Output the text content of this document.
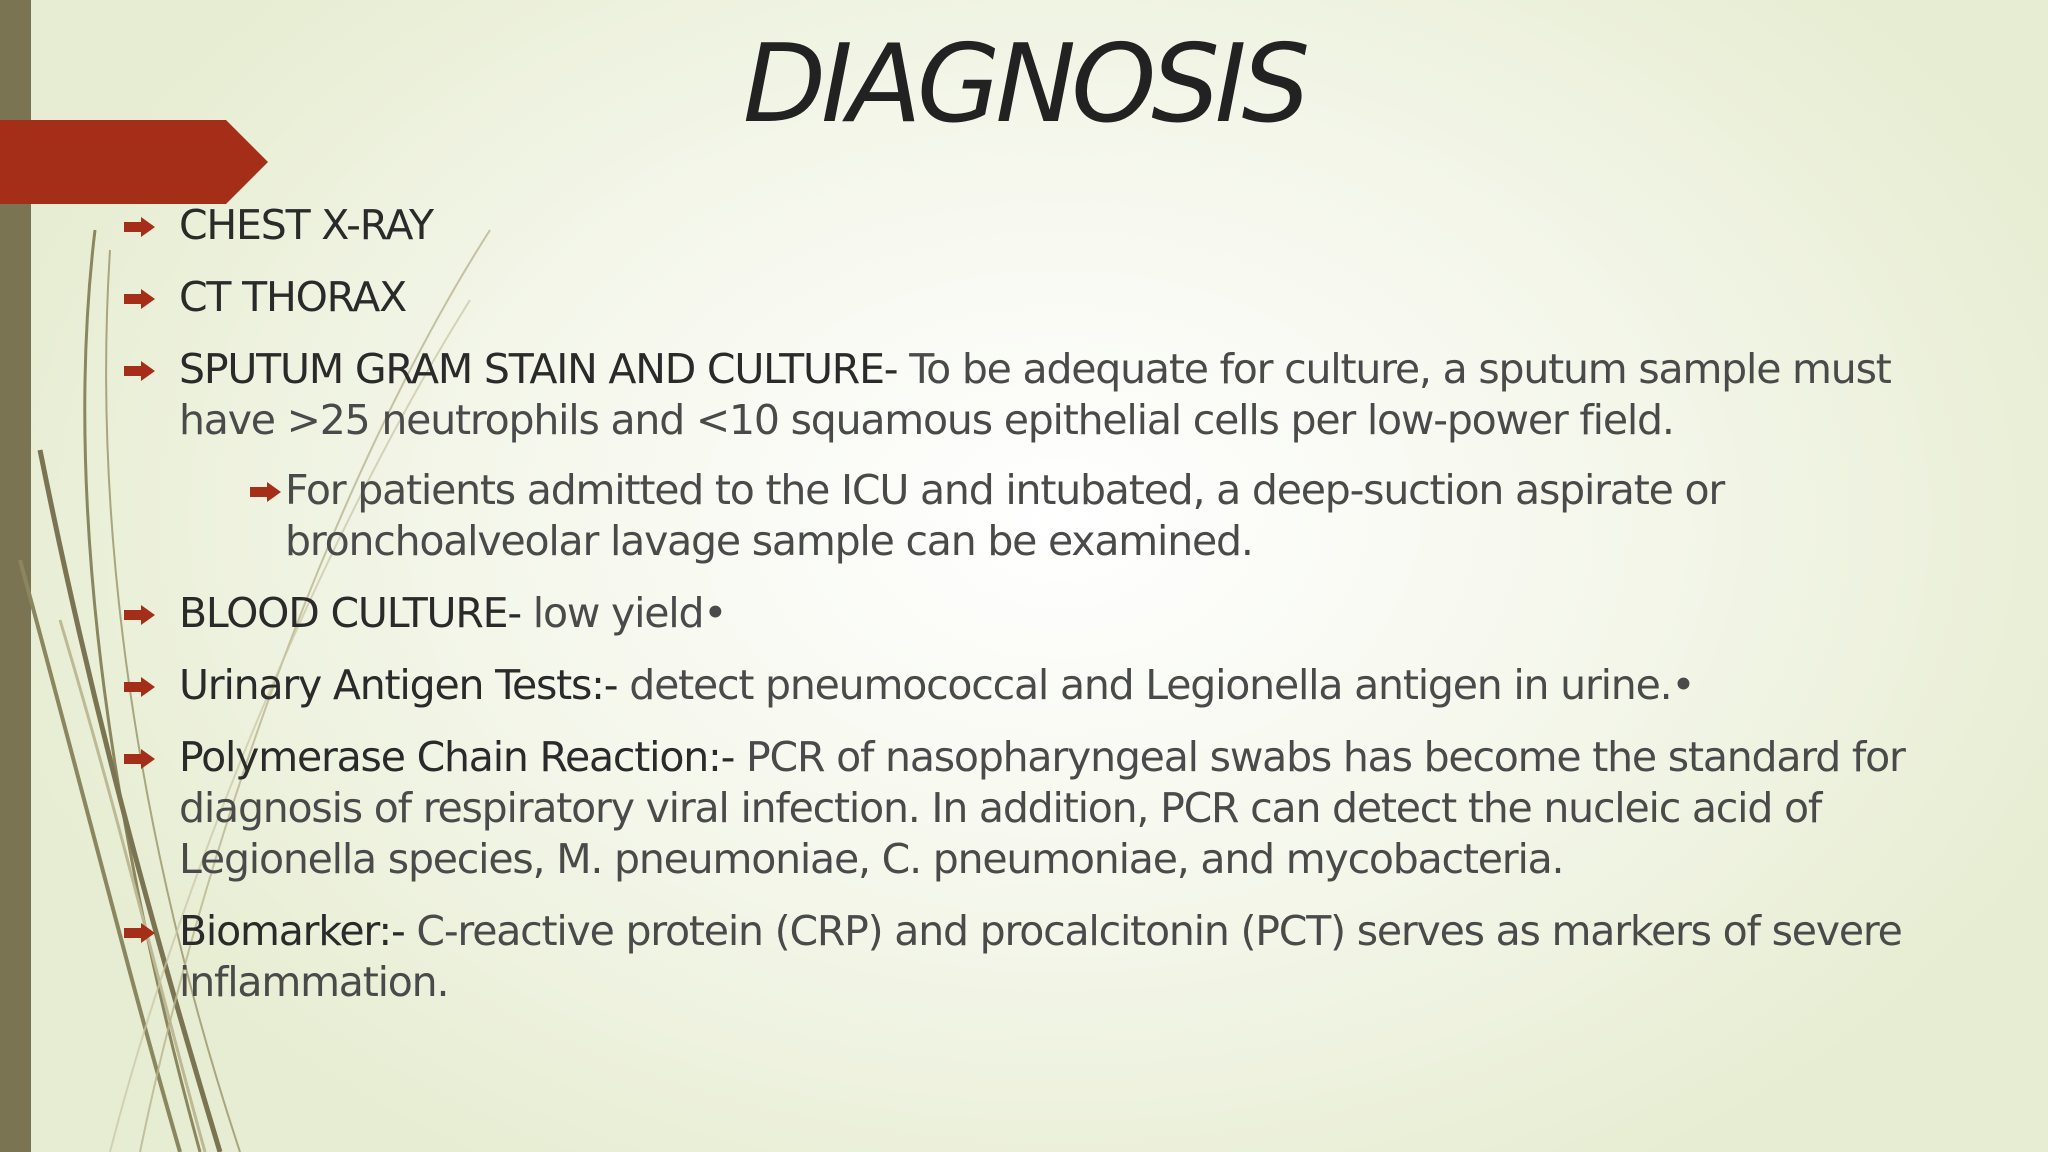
DIAGNOSIS
CHEST X-RAY
CT THORAX
SPUTUM GRAM STAIN AND CULTURE- To be adequate for culture, a sputum sample must have >25 neutrophils and <10 squamous epithelial cells per low-power field.
For patients admitted to the ICU and intubated, a deep-suction aspirate or bronchoalveolar lavage sample can be examined.
BLOOD CULTURE- low yield•
Urinary Antigen Tests:- detect pneumococcal and Legionella antigen in urine.•
Polymerase Chain Reaction:- PCR of nasopharyngeal swabs has become the standard for diagnosis of respiratory viral infection. In addition, PCR can detect the nucleic acid of Legionella species, M. pneumoniae, C. pneumoniae, and mycobacteria.
Biomarker:- C-reactive protein (CRP) and procalcitonin (PCT) serves as markers of severe inflammation.
